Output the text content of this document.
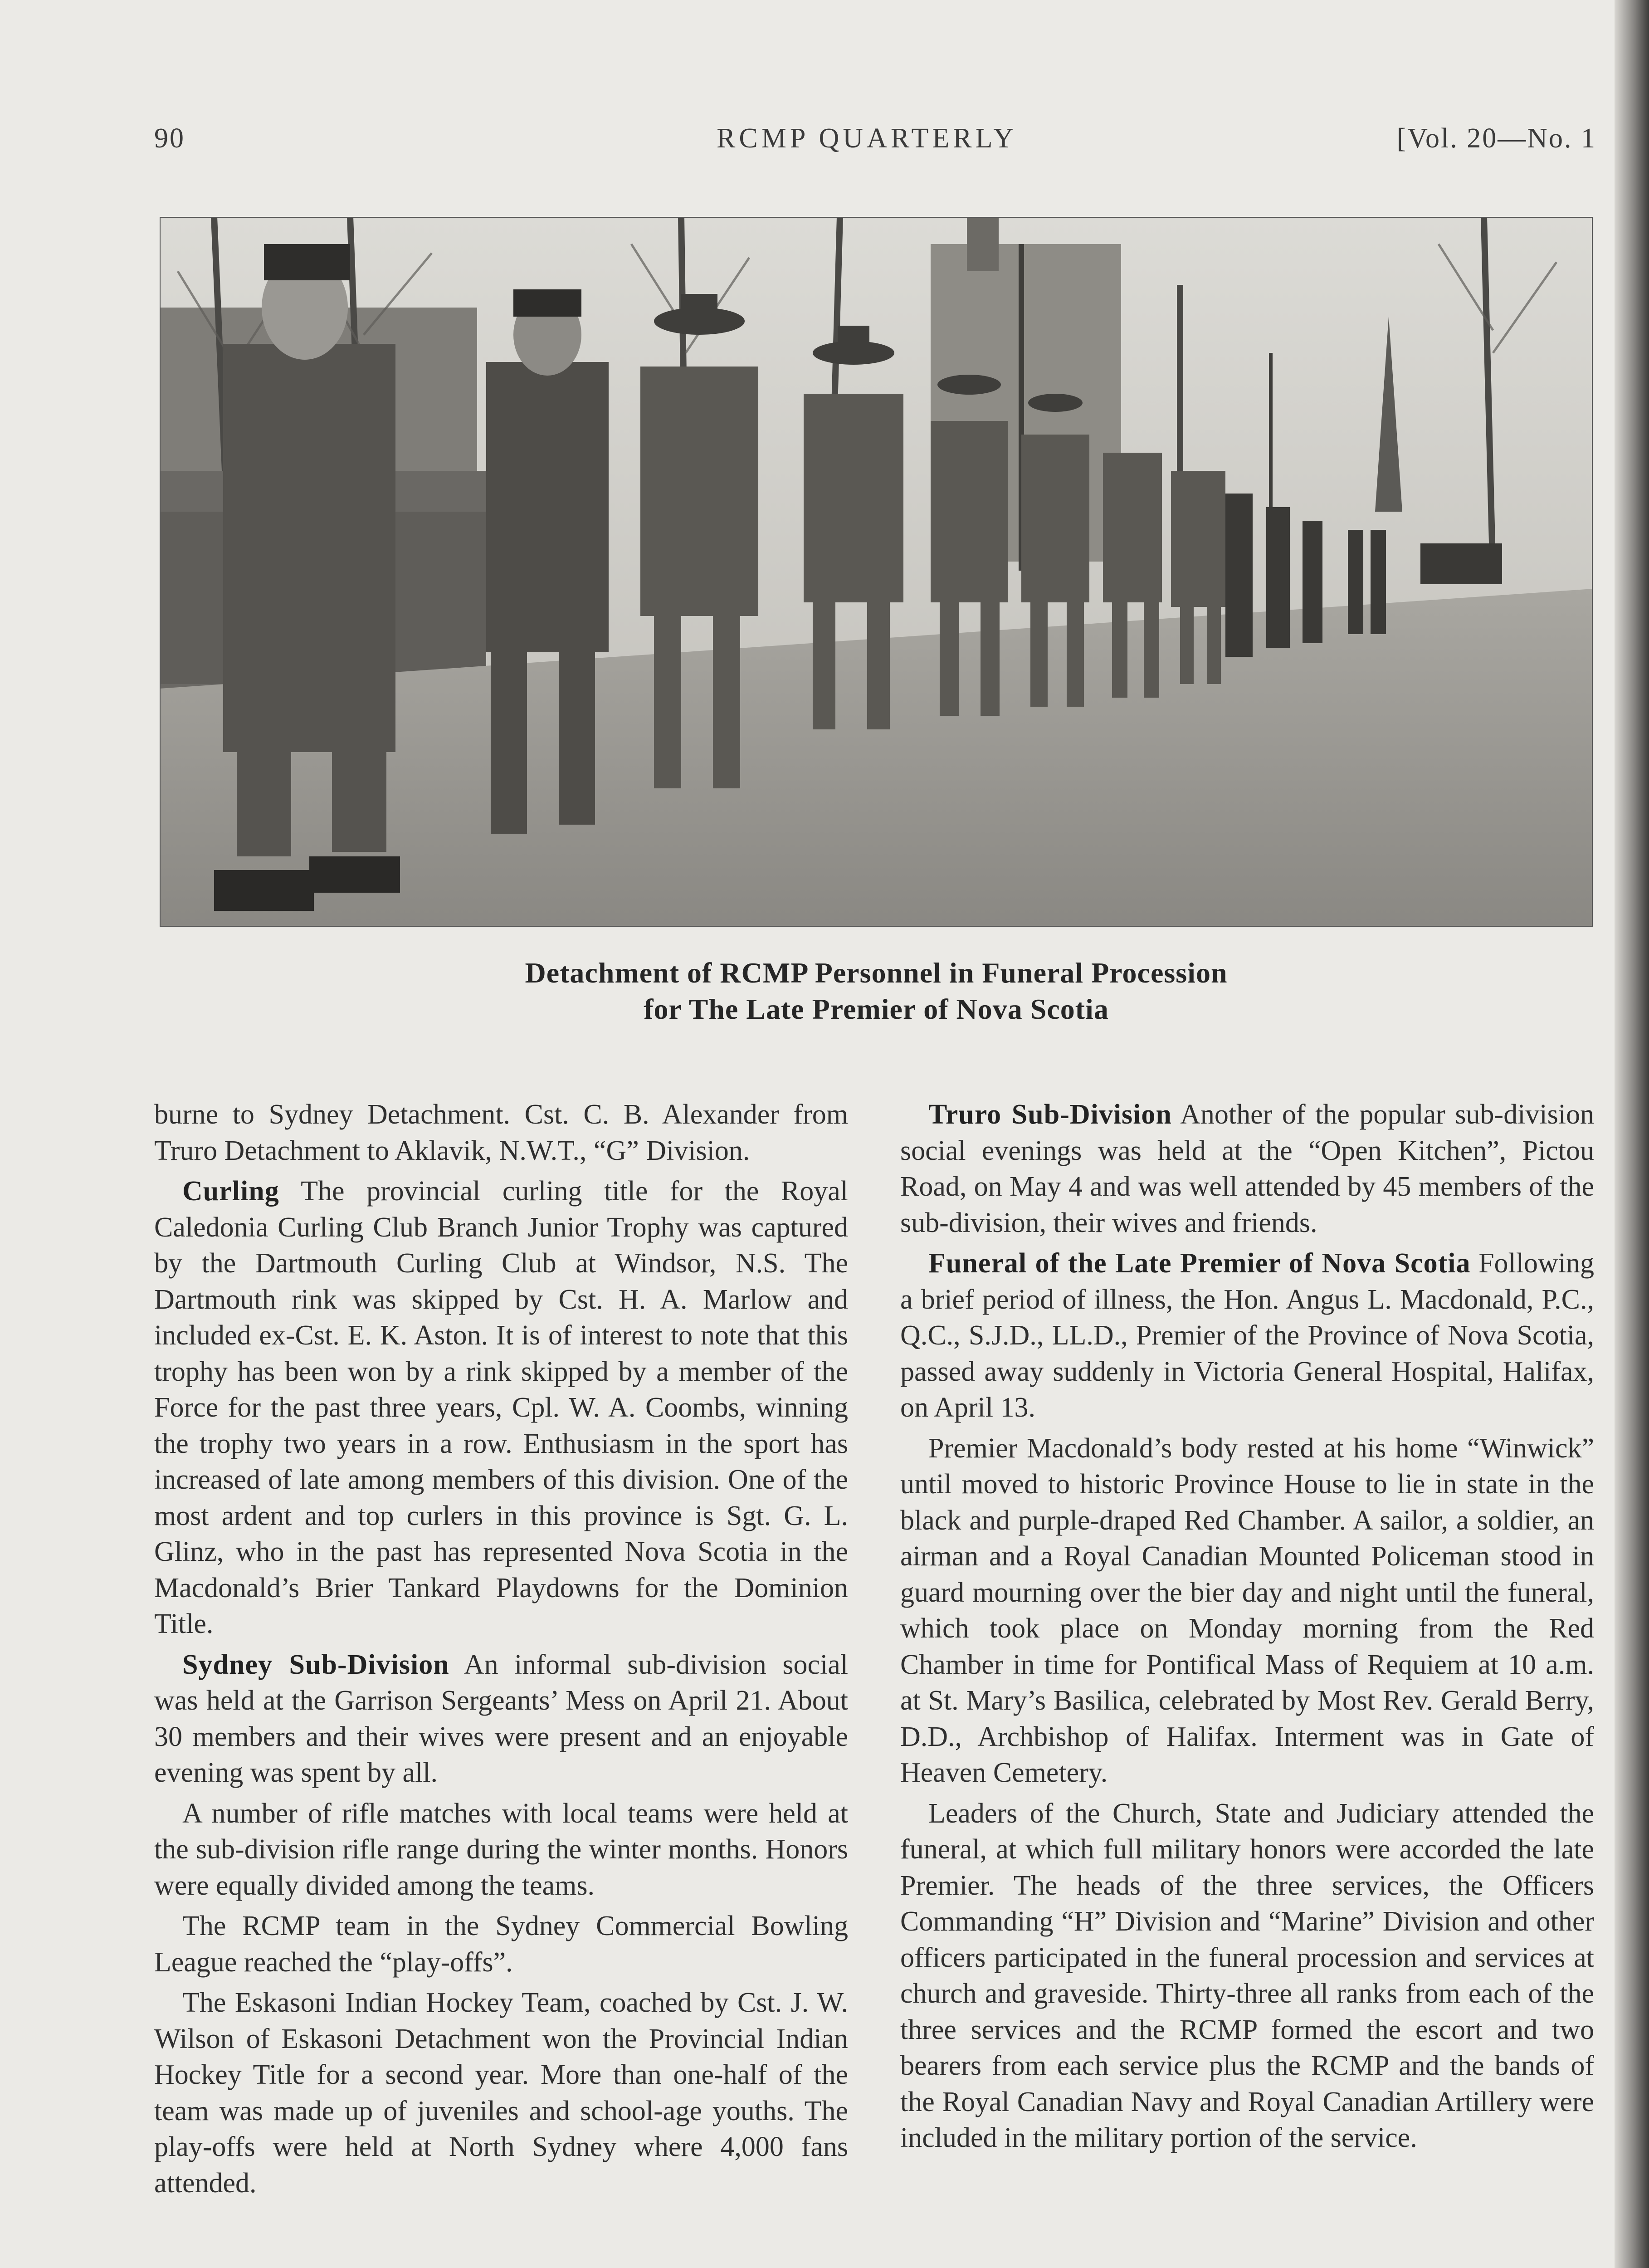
90	RCMP QUARTERLY	[Vol. 20—No. 1
Detachment of RCMP Personnel in Funeral Procession
for The Late Premier of Nova Scotia

burne to Sydney Detachment. Cst. C. B. Alexander from Truro Detachment to Aklavik, N.W.T., “G” Division.

Curling The provincial curling title for the Royal Caledonia Curling Club Branch Junior Trophy was captured by the Dartmouth Curling Club at Windsor, N.S. The Dartmouth rink was skipped by Cst. H. A. Marlow and included ex-Cst. E. K. Aston. It is of interest to note that this trophy has been won by a rink skipped by a member of the Force for the past three years, Cpl. W. A. Coombs, winning the trophy two years in a row. Enthusiasm in the sport has increased of late among members of this division. One of the most ardent and top curlers in this province is Sgt. G. L. Glinz, who in the past has represented Nova Scotia in the Macdonald’s Brier Tankard Playdowns for the Dominion Title.

Sydney Sub-Division An informal sub-division social was held at the Garrison Sergeants’ Mess on April 21. About 30 members and their wives were present and an enjoyable evening was spent by all.

A number of rifle matches with local teams were held at the sub-division rifle range during the winter months. Honors were equally divided among the teams.

The RCMP team in the Sydney Commercial Bowling League reached the “play-offs”.

The Eskasoni Indian Hockey Team, coached by Cst. J. W. Wilson of Eskasoni Detachment won the Provincial Indian Hockey Title for a second year. More than one-half of the team was made up of juveniles and school-age youths. The play-offs were held at North Sydney where 4,000 fans attended.

Truro Sub-Division Another of the popular sub-division social evenings was held at the “Open Kitchen”, Pictou Road, on May 4 and was well attended by 45 members of the sub-division, their wives and friends.

Funeral of the Late Premier of Nova Scotia Following a brief period of illness, the Hon. Angus L. Macdonald, P.C., Q.C., S.J.D., LL.D., Premier of the Province of Nova Scotia, passed away suddenly in Victoria General Hospital, Halifax, on April 13.

Premier Macdonald’s body rested at his home “Winwick” until moved to historic Province House to lie in state in the black and purple-draped Red Chamber. A sailor, a soldier, an airman and a Royal Canadian Mounted Policeman stood in guard mourning over the bier day and night until the funeral, which took place on Monday morning from the Red Chamber in time for Pontifical Mass of Requiem at 10 a.m. at St. Mary’s Basilica, celebrated by Most Rev. Gerald Berry, D.D., Archbishop of Halifax. Interment was in Gate of Heaven Cemetery.

Leaders of the Church, State and Judiciary attended the funeral, at which full military honors were accorded the late Premier. The heads of the three services, the Officers Commanding “H” Division and “Marine” Division and other officers participated in the funeral procession and services at church and graveside. Thirty-three all ranks from each of the three services and the RCMP formed the escort and two bearers from each service plus the RCMP and the bands of the Royal Canadian Navy and Royal Canadian Artillery were included in the military portion of the service.
